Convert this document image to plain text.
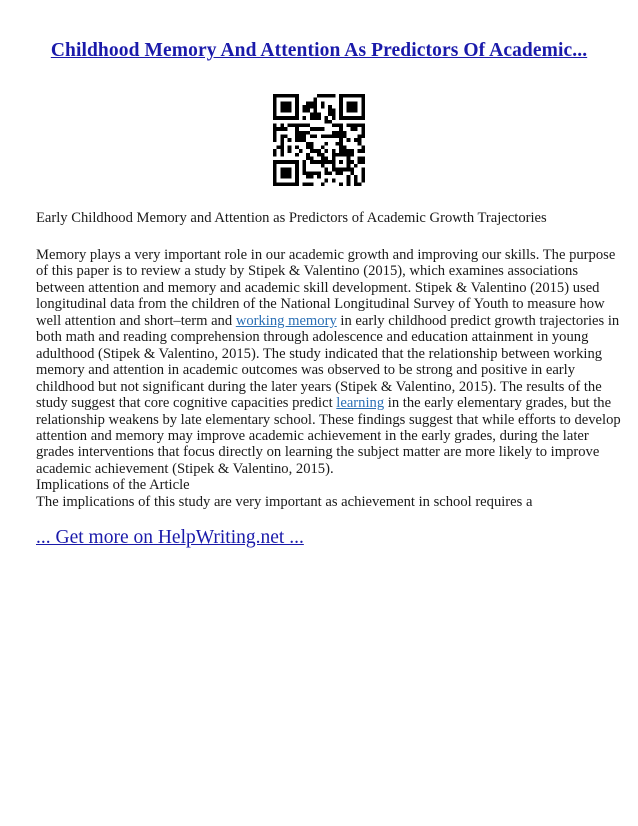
Childhood Memory And Attention As Predictors Of Academic...
Early Childhood Memory and Attention as Predictors of Academic Growth Trajectories
Memory plays a very important role in our academic growth and improving our skills. The purpose
of this paper is to review a study by Stipek & Valentino (2015), which examines associations
between attention and memory and academic skill development. Stipek & Valentino (2015) used
longitudinal data from the children of the National Longitudinal Survey of Youth to measure how
well attention and short–term and working memory in early childhood predict growth trajectories in
both math and reading comprehension through adolescence and education attainment in young
adulthood (Stipek & Valentino, 2015). The study indicated that the relationship between working
memory and attention in academic outcomes was observed to be strong and positive in early
childhood but not significant during the later years (Stipek & Valentino, 2015). The results of the
study suggest that core cognitive capacities predict learning in the early elementary grades, but the
relationship weakens by late elementary school. These findings suggest that while efforts to develop
attention and memory may improve academic achievement in the early grades, during the later
grades interventions that focus directly on learning the subject matter are more likely to improve
academic achievement (Stipek & Valentino, 2015).
Implications of the Article
The implications of this study are very important as achievement in school requires a
... Get more on HelpWriting.net ...
